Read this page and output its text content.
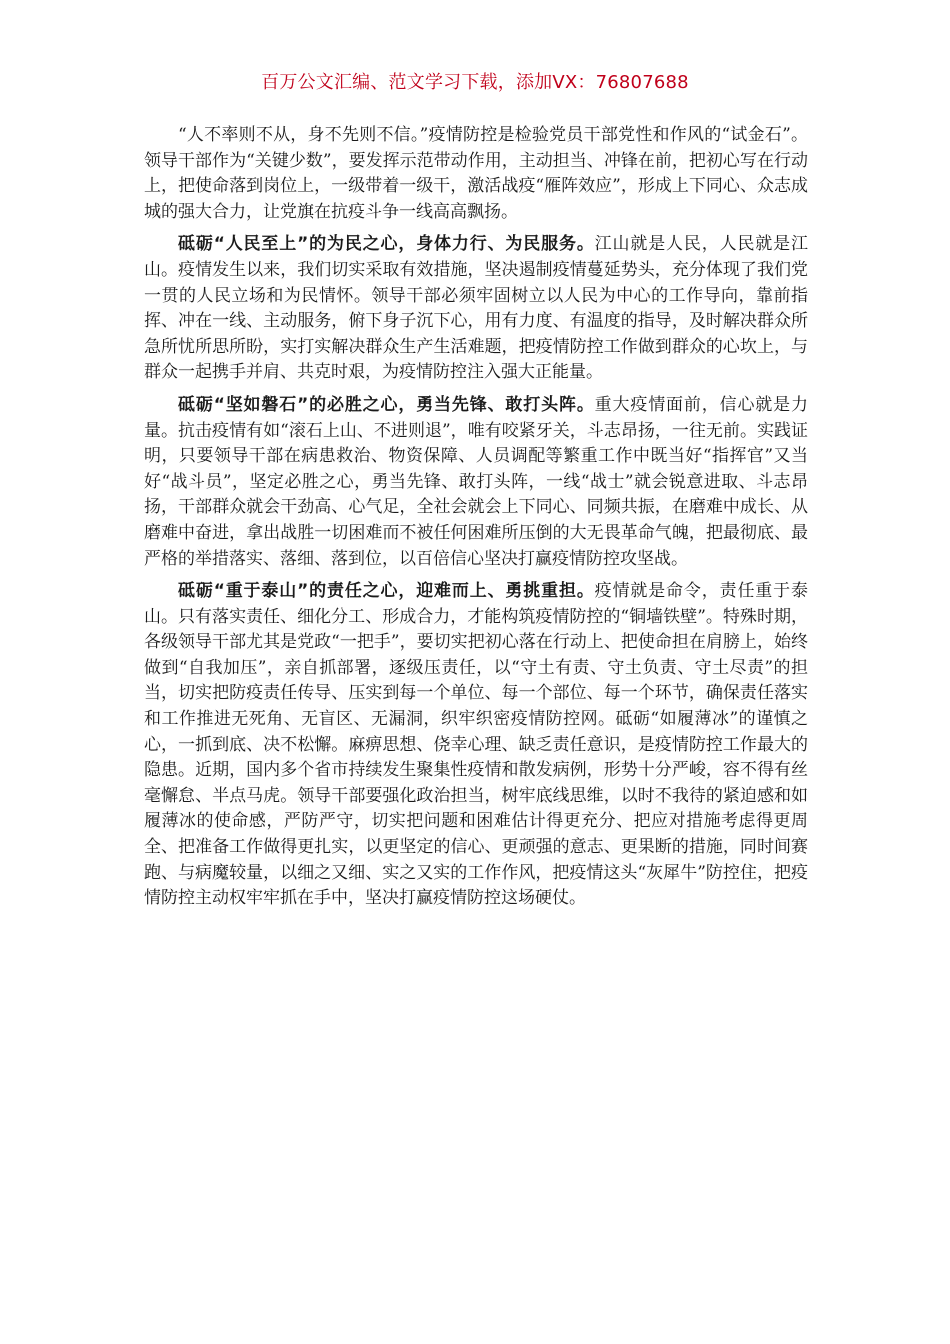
百万公文汇编、范文学习下载，添加VX：76807688

“人不率则不从，身不先则不信。”疫情防控是检验党员干部党性和作风的“试金石”。领导干部作为“关键少数”，要发挥示范带动作用，主动担当、冲锋在前，把初心写在行动上，把使命落到岗位上，一级带着一级干，激活战疫“雁阵效应”，形成上下同心、众志成城的强大合力，让党旗在抗疫斗争一线高高飘扬。

砥砺“人民至上”的为民之心，身体力行、为民服务。江山就是人民，人民就是江山。疫情发生以来，我们切实采取有效措施，坚决遏制疫情蔓延势头，充分体现了我们党一贯的人民立场和为民情怀。领导干部必须牢固树立以人民为中心的工作导向，靠前指挥、冲在一线、主动服务，俯下身子沉下心，用有力度、有温度的指导，及时解决群众所急所忧所思所盼，实打实解决群众生产生活难题，把疫情防控工作做到群众的心坎上，与群众一起携手并肩、共克时艰，为疫情防控注入强大正能量。

砥砺“坚如磐石”的必胜之心，勇当先锋、敢打头阵。重大疫情面前，信心就是力量。抗击疫情有如“滚石上山、不进则退”，唯有咬紧牙关，斗志昂扬，一往无前。实践证明，只要领导干部在病患救治、物资保障、人员调配等繁重工作中既当好“指挥官”又当好“战斗员”，坚定必胜之心，勇当先锋、敢打头阵，一线“战士”就会锐意进取、斗志昂扬，干部群众就会干劲高、心气足，全社会就会上下同心、同频共振，在磨难中成长、从磨难中奋进，拿出战胜一切困难而不被任何困难所压倒的大无畏革命气魄，把最彻底、最严格的举措落实、落细、落到位，以百倍信心坚决打赢疫情防控攻坚战。

砥砺“重于泰山”的责任之心，迎难而上、勇挑重担。疫情就是命令，责任重于泰山。只有落实责任、细化分工、形成合力，才能构筑疫情防控的“铜墙铁壁”。特殊时期，各级领导干部尤其是党政“一把手”，要切实把初心落在行动上、把使命担在肩膀上，始终做到“自我加压”，亲自抓部署，逐级压责任，以“守土有责、守土负责、守土尽责”的担当，切实把防疫责任传导、压实到每一个单位、每一个部位、每一个环节，确保责任落实和工作推进无死角、无盲区、无漏洞，织牢织密疫情防控网。砥砺“如履薄冰”的谨慎之心，一抓到底、决不松懈。麻痹思想、侥幸心理、缺乏责任意识，是疫情防控工作最大的隐患。近期，国内多个省市持续发生聚集性疫情和散发病例，形势十分严峻，容不得有丝毫懈怠、半点马虎。领导干部要强化政治担当，树牢底线思维，以时不我待的紧迫感和如履薄冰的使命感，严防严守，切实把问题和困难估计得更充分、把应对措施考虑得更周全、把准备工作做得更扎实，以更坚定的信心、更顽强的意志、更果断的措施，同时间赛跑、与病魔较量，以细之又细、实之又实的工作作风，把疫情这头“灰犀牛”防控住，把疫情防控主动权牢牢抓在手中，坚决打赢疫情防控这场硬仗。
